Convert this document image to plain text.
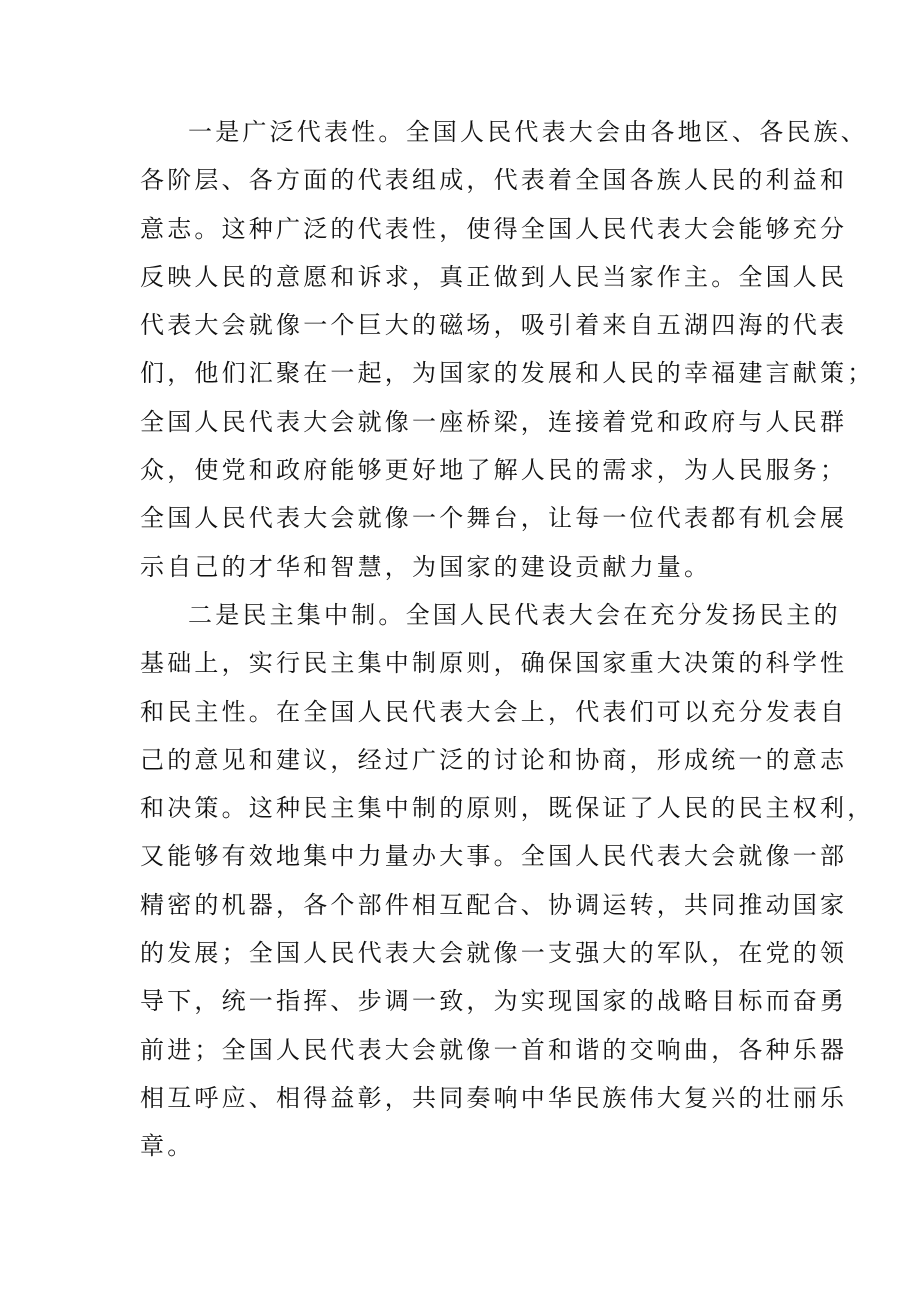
一是广泛代表性。全国人民代表大会由各地区、各民族、
各阶层、各方面的代表组成，代表着全国各族人民的利益和
意志。这种广泛的代表性，使得全国人民代表大会能够充分
反映人民的意愿和诉求，真正做到人民当家作主。全国人民
代表大会就像一个巨大的磁场，吸引着来自五湖四海的代表
们，他们汇聚在一起，为国家的发展和人民的幸福建言献策；
全国人民代表大会就像一座桥梁，连接着党和政府与人民群
众，使党和政府能够更好地了解人民的需求，为人民服务；
全国人民代表大会就像一个舞台，让每一位代表都有机会展
示自己的才华和智慧，为国家的建设贡献力量。
二是民主集中制。全国人民代表大会在充分发扬民主的
基础上，实行民主集中制原则，确保国家重大决策的科学性
和民主性。在全国人民代表大会上，代表们可以充分发表自
己的意见和建议，经过广泛的讨论和协商，形成统一的意志
和决策。这种民主集中制的原则，既保证了人民的民主权利，
又能够有效地集中力量办大事。全国人民代表大会就像一部
精密的机器，各个部件相互配合、协调运转，共同推动国家
的发展；全国人民代表大会就像一支强大的军队，在党的领
导下，统一指挥、步调一致，为实现国家的战略目标而奋勇
前进；全国人民代表大会就像一首和谐的交响曲，各种乐器
相互呼应、相得益彰，共同奏响中华民族伟大复兴的壮丽乐
章。
